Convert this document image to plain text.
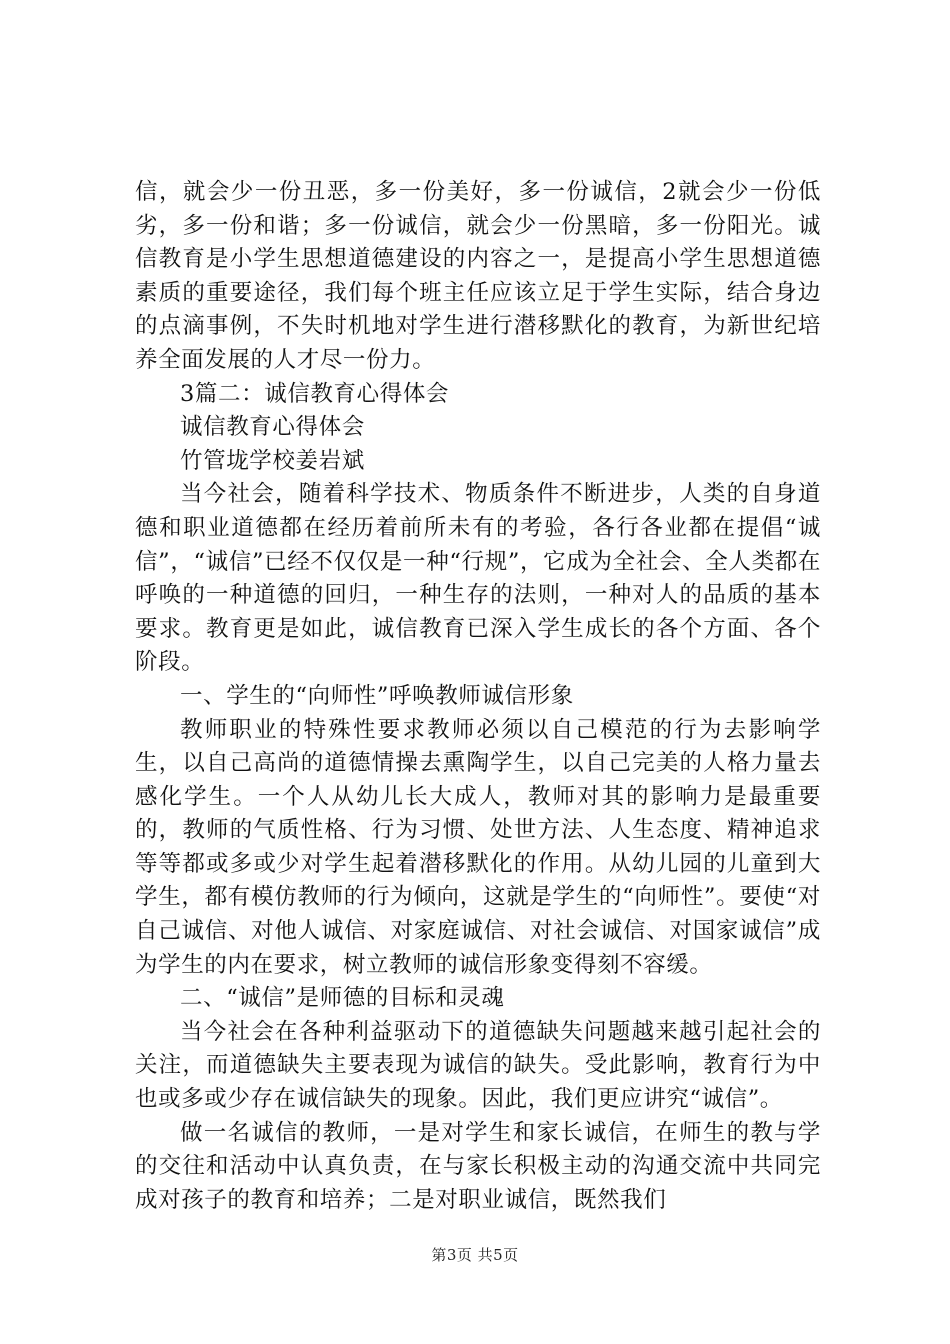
信，就会少一份丑恶，多一份美好，多一份诚信，2就会少一份低劣，多一份和谐；多一份诚信，就会少一份黑暗，多一份阳光。诚信教育是小学生思想道德建设的内容之一，是提高小学生思想道德素质的重要途径，我们每个班主任应该立足于学生实际，结合身边的点滴事例，不失时机地对学生进行潜移默化的教育，为新世纪培养全面发展的人才尽一份力。

3篇二：诚信教育心得体会

诚信教育心得体会

竹管垅学校姜岩斌

当今社会，随着科学技术、物质条件不断进步，人类的自身道德和职业道德都在经历着前所未有的考验，各行各业都在提倡“诚信”，“诚信”已经不仅仅是一种“行规”，它成为全社会、全人类都在呼唤的一种道德的回归，一种生存的法则，一种对人的品质的基本要求。教育更是如此，诚信教育已深入学生成长的各个方面、各个阶段。

一、学生的“向师性”呼唤教师诚信形象

教师职业的特殊性要求教师必须以自己模范的行为去影响学生，以自己高尚的道德情操去熏陶学生，以自己完美的人格力量去感化学生。一个人从幼儿长大成人，教师对其的影响力是最重要的，教师的气质性格、行为习惯、处世方法、人生态度、精神追求等等都或多或少对学生起着潜移默化的作用。从幼儿园的儿童到大学生，都有模仿教师的行为倾向，这就是学生的“向师性”。要使“对自己诚信、对他人诚信、对家庭诚信、对社会诚信、对国家诚信”成为学生的内在要求，树立教师的诚信形象变得刻不容缓。

二、“诚信”是师德的目标和灵魂

当今社会在各种利益驱动下的道德缺失问题越来越引起社会的关注，而道德缺失主要表现为诚信的缺失。受此影响，教育行为中也或多或少存在诚信缺失的现象。因此，我们更应讲究“诚信”。

做一名诚信的教师，一是对学生和家长诚信，在师生的教与学的交往和活动中认真负责，在与家长积极主动的沟通交流中共同完成对孩子的教育和培养；二是对职业诚信，既然我们

第3页 共5页
